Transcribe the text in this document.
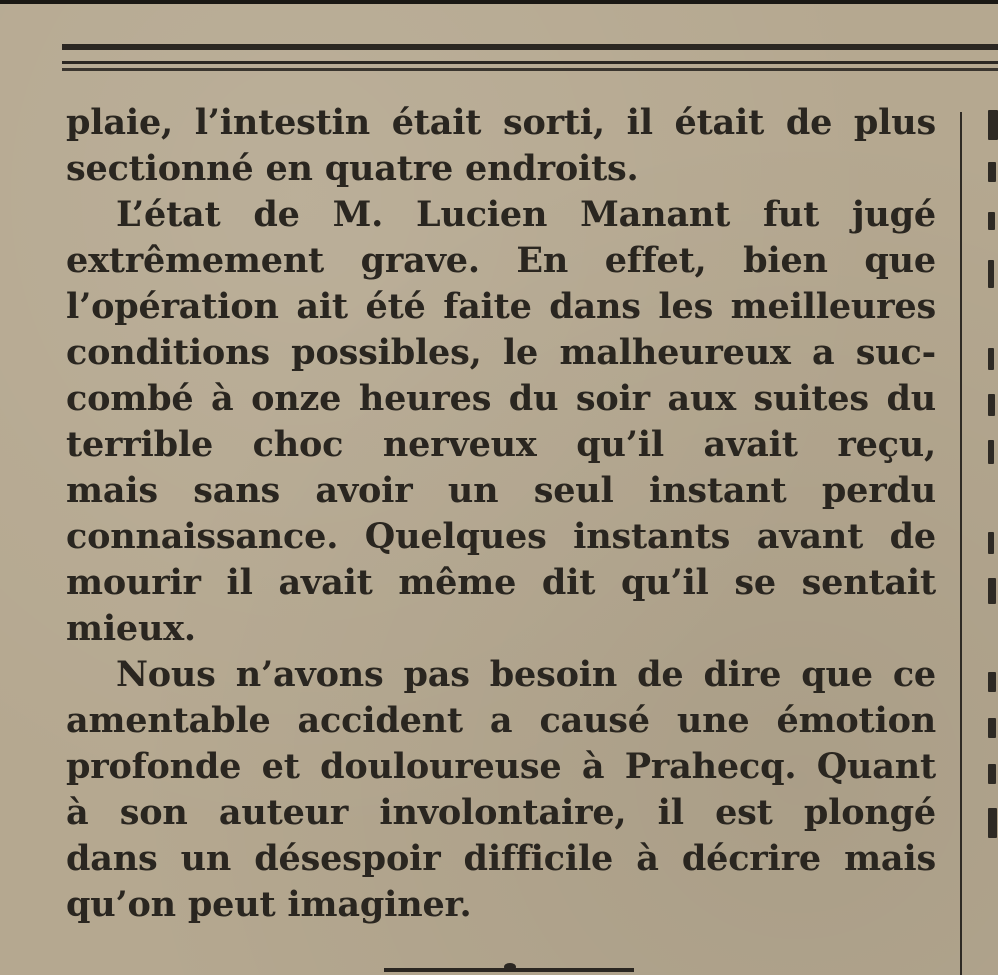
plaie, l’intestin était sorti, il était de plus
sectionné en quatre endroits.
L’état de M. Lucien Manant fut jugé
extrêmement grave. En effet, bien que
l’opération ait été faite dans les meilleures
conditions possibles, le malheureux a suc-
combé à onze heures du soir aux suites du
terrible choc nerveux qu’il avait reçu,
mais sans avoir un seul instant perdu
connaissance. Quelques instants avant de
mourir il avait même dit qu’il se sentait
mieux.
Nous n’avons pas besoin de dire que ce
amentable accident a causé une émotion
profonde et douloureuse à Prahecq. Quant
à son auteur involontaire, il est plongé
dans un désespoir difficile à décrire mais
qu’on peut imaginer.
